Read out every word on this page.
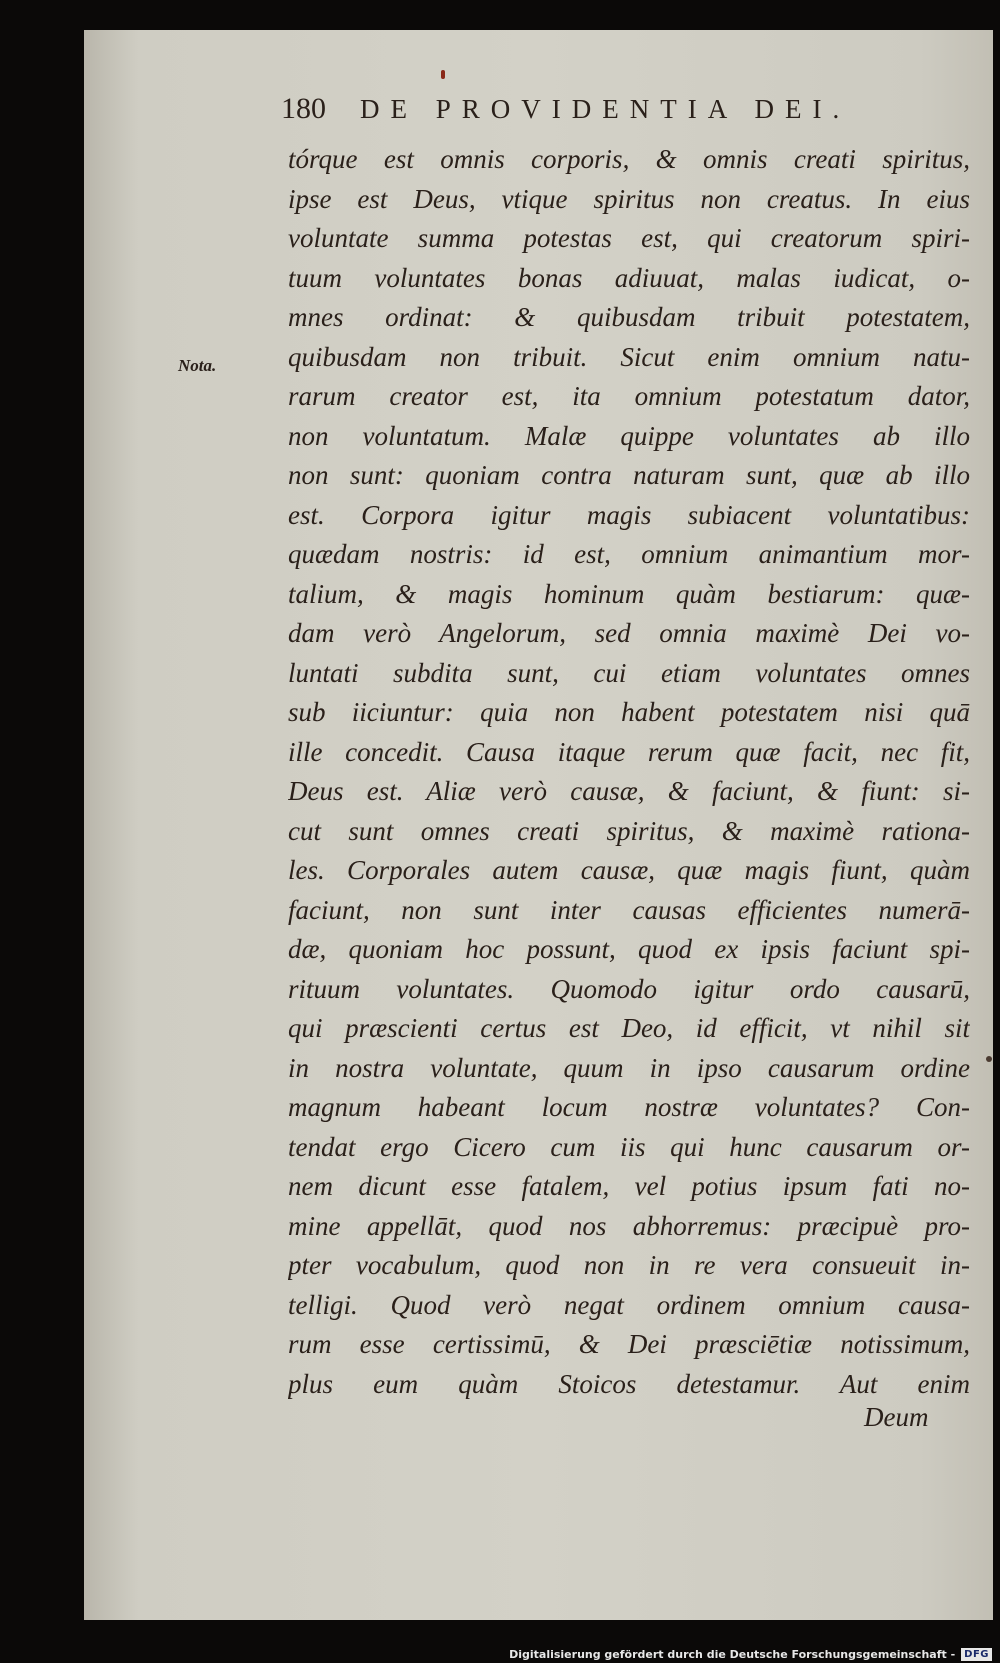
180 DE PROVIDENTIA DEI.
Nota.
tórque est omnis corporis, & omnis creati spiritus,
ipse est Deus, vtique spiritus non creatus. In eius
voluntate summa potestas est, qui creatorum spiri-
tuum voluntates bonas adiuuat, malas iudicat, o-
mnes ordinat: & quibusdam tribuit potestatem,
quibusdam non tribuit. Sicut enim omnium natu-
rarum creator est, ita omnium potestatum dator,
non voluntatum. Malæ quippe voluntates ab illo
non sunt: quoniam contra naturam sunt, quæ ab illo
est. Corpora igitur magis subiacent voluntatibus:
quædam nostris: id est, omnium animantium mor-
talium, & magis hominum quàm bestiarum: quæ-
dam verò Angelorum, sed omnia maximè Dei vo-
luntati subdita sunt, cui etiam voluntates omnes
sub iiciuntur: quia non habent potestatem nisi quā
ille concedit. Causa itaque rerum quæ facit, nec fit,
Deus est. Aliæ verò causæ, & faciunt, & fiunt: si-
cut sunt omnes creati spiritus, & maximè rationa-
les. Corporales autem causæ, quæ magis fiunt, quàm
faciunt, non sunt inter causas efficientes numerā-
dæ, quoniam hoc possunt, quod ex ipsis faciunt spi-
rituum voluntates. Quomodo igitur ordo causarū,
qui præscienti certus est Deo, id efficit, vt nihil sit
in nostra voluntate, quum in ipso causarum ordine
magnum habeant locum nostræ voluntates? Con-
tendat ergo Cicero cum iis qui hunc causarum or-
nem dicunt esse fatalem, vel potius ipsum fati no-
mine appellāt, quod nos abhorremus: præcipuè pro-
pter vocabulum, quod non in re vera consueuit in-
telligi. Quod verò negat ordinem omnium causa-
rum esse certissimū, & Dei præsciētiæ notissimum,
plus eum quàm Stoicos detestamur. Aut enim
Deum
Digitalisierung gefördert durch die Deutsche Forschungsgemeinschaft - DFG
